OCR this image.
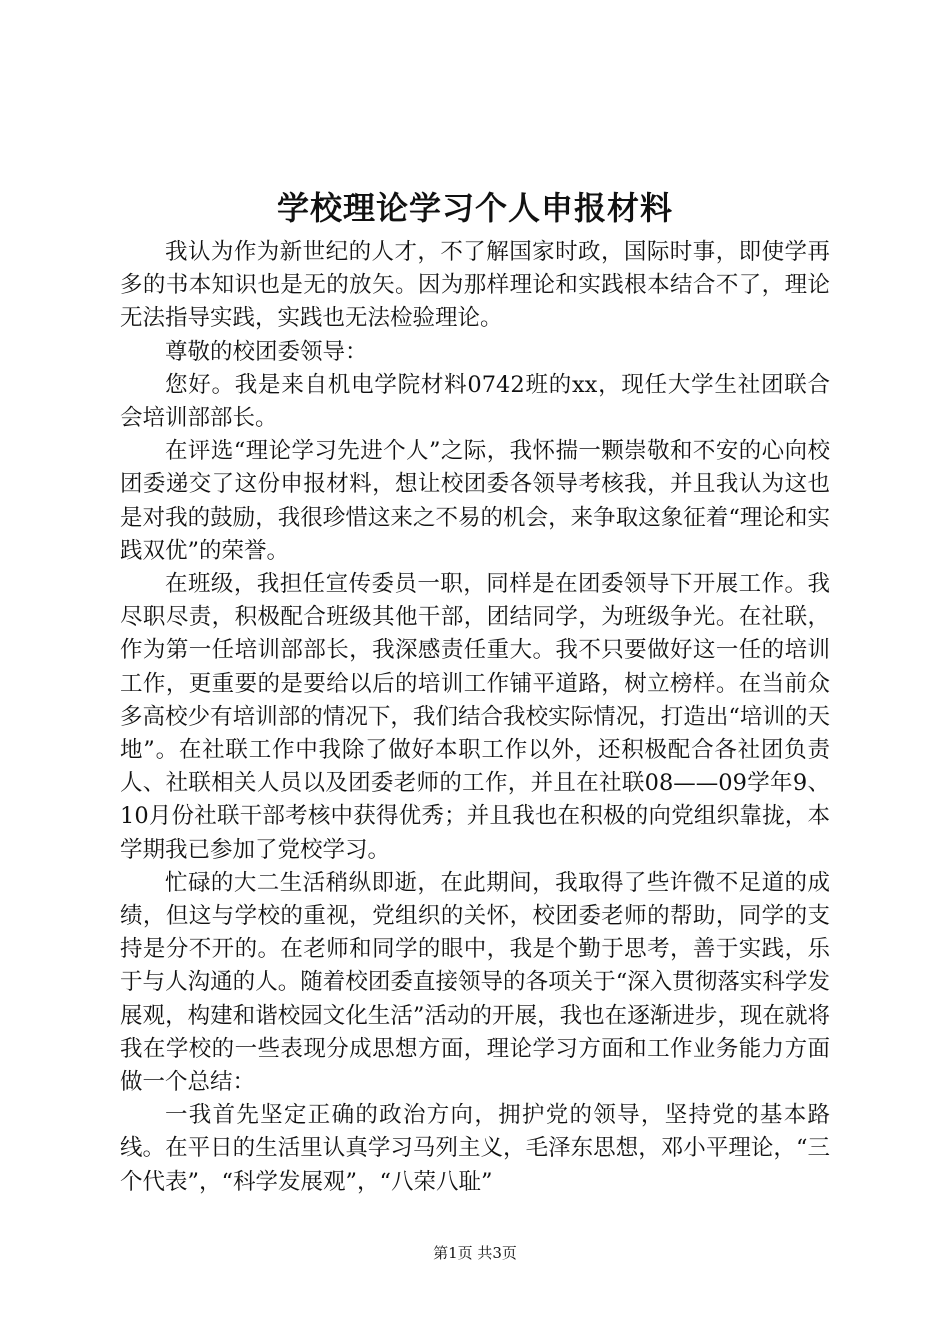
学校理论学习个人申报材料

我认为作为新世纪的人才，不了解国家时政，国际时事，即使学再多的书本知识也是无的放矢。因为那样理论和实践根本结合不了，理论无法指导实践，实践也无法检验理论。

尊敬的校团委领导：

您好。我是来自机电学院材料0742班的xx，现任大学生社团联合会培训部部长。

在评选“理论学习先进个人”之际，我怀揣一颗崇敬和不安的心向校团委递交了这份申报材料，想让校团委各领导考核我，并且我认为这也是对我的鼓励，我很珍惜这来之不易的机会，来争取这象征着“理论和实践双优”的荣誉。

在班级，我担任宣传委员一职，同样是在团委领导下开展工作。我尽职尽责，积极配合班级其他干部，团结同学，为班级争光。在社联，作为第一任培训部部长，我深感责任重大。我不只要做好这一任的培训工作，更重要的是要给以后的培训工作铺平道路，树立榜样。在当前众多高校少有培训部的情况下，我们结合我校实际情况，打造出“培训的天地”。在社联工作中我除了做好本职工作以外，还积极配合各社团负责人、社联相关人员以及团委老师的工作，并且在社联08——09学年9、10月份社联干部考核中获得优秀；并且我也在积极的向党组织靠拢，本学期我已参加了党校学习。

忙碌的大二生活稍纵即逝，在此期间，我取得了些许微不足道的成绩，但这与学校的重视，党组织的关怀，校团委老师的帮助，同学的支持是分不开的。在老师和同学的眼中，我是个勤于思考，善于实践，乐于与人沟通的人。随着校团委直接领导的各项关于“深入贯彻落实科学发展观，构建和谐校园文化生活”活动的开展，我也在逐渐进步，现在就将我在学校的一些表现分成思想方面，理论学习方面和工作业务能力方面做一个总结：

一我首先坚定正确的政治方向，拥护党的领导，坚持党的基本路线。在平日的生活里认真学习马列主义，毛泽东思想，邓小平理论，“三个代表”，“科学发展观”，“八荣八耻”

第1页 共3页
